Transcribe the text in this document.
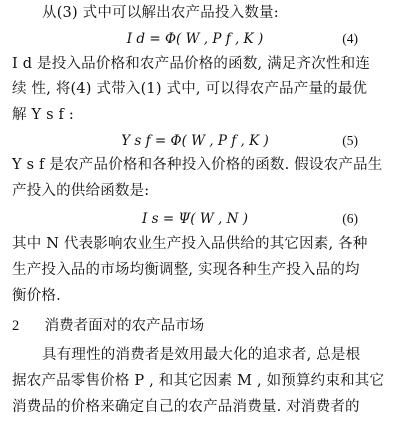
从(3) 式中可以解出农产品投入数量:
I d = Φ( W , P f , K )	(4)
I d 是投入品价格和农产品价格的函数, 满足齐次性和连
续 性, 将(4) 式带入(1) 式中, 可以得农产品产量的最优
解 Y s f :
Y s f = Φ( W , P f , K )	(5)
Y s f 是农产品价格和各种投入价格的函数. 假设农产品生
产投入的供给函数是:
I s = Ψ( W , N )	(6)
其中 N 代表影响农业生产投入品供给的其它因素, 各种
生产投入品的市场均衡调整, 实现各种生产投入品的均
衡价格.
2 消费者面对的农产品市场
具有理性的消费者是效用最大化的追求者, 总是根
据农产品零售价格 P , 和其它因素 M , 如预算约束和其它
消费品的价格来确定自己的农产品消费量. 对消费者的
